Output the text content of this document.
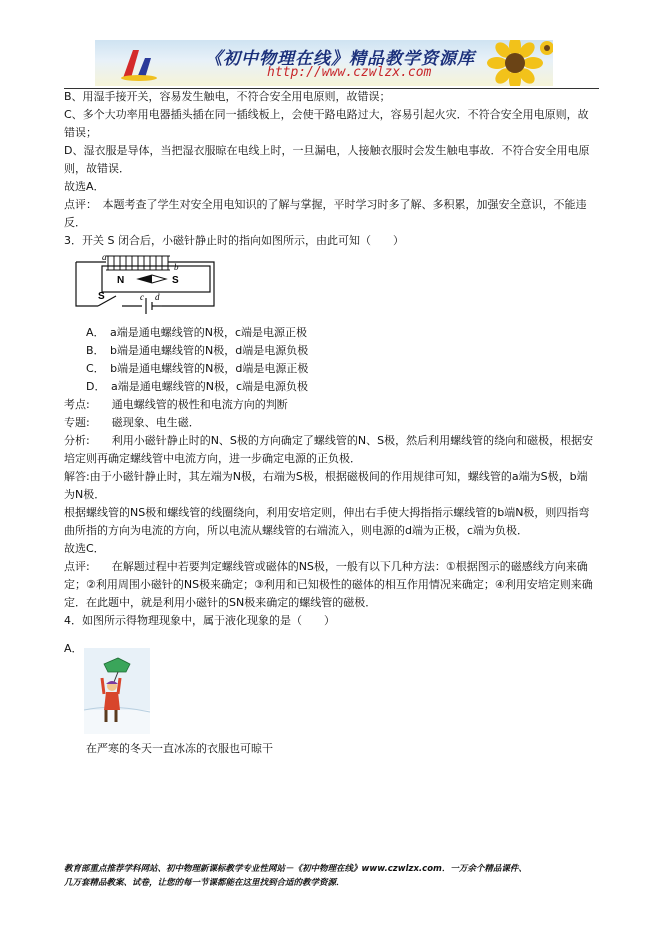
《初中物理在线》精品教学资源库
http://www.czwlzx.com

B、用湿手接开关，容易发生触电，不符合安全用电原则，故错误；

C、多个大功率用电器插头插在同一插线板上，会使干路电路过大，容易引起火灾．不符合安全用电原则，故错误；

D、湿衣服是导体，当把湿衣服晾在电线上时，一旦漏电，人接触衣服时会发生触电事故．不符合安全用电原则，故错误．

故选A．

点评：　本题考查了学生对安全用电知识的了解与掌握，平时学习时多了解、多积累，加强安全意识，不能违反．

3．开关 S 闭合后，小磁针静止时的指向如图所示，由此可知（　　）

a
b
N	S
S	c d

A．　a端是通电螺线管的N极，c端是电源正极

B．　b端是通电螺线管的N极，d端是电源负极

C．　b端是通电螺线管的N极，d端是电源正极

D．　a端是通电螺线管的N极，c端是电源负极

考点:　　通电螺线管的极性和电流方向的判断

专题:　　磁现象、电生磁．

分析:　　利用小磁针静止时的N、S极的方向确定了螺线管的N、S极，然后利用螺线管的绕向和磁极，根据安培定则再确定螺线管中电流方向，进一步确定电源的正负极．

解答:由于小磁针静止时，其左端为N极，右端为S极，根据磁极间的作用规律可知，螺线管的a端为S极，b端为N极．

根据螺线管的NS极和螺线管的线圈绕向，利用安培定则，伸出右手使大拇指指示螺线管的b端N极，则四指弯曲所指的方向为电流的方向，所以电流从螺线管的右端流入，则电源的d端为正极，c端为负极．

故选C．

点评:　　在解题过程中若要判定螺线管或磁体的NS极，一般有以下几种方法：①根据图示的磁感线方向来确定；②利用周围小磁针的NS极来确定；③利用和已知极性的磁体的相互作用情况来确定；④利用安培定则来确定．在此题中，就是利用小磁针的SN极来确定的螺线管的磁极．

4．如图所示得物理现象中，属于液化现象的是（　　）

A．

在严寒的冬天一直冰冻的衣服也可晾干

教育部重点推荐学科网站、初中物理新课标教学专业性网站－《初中物理在线》www.czwlzx.com．一万余个精品课件、
几万套精品教案、试卷，让您的每一节课都能在这里找到合适的教学资源．
